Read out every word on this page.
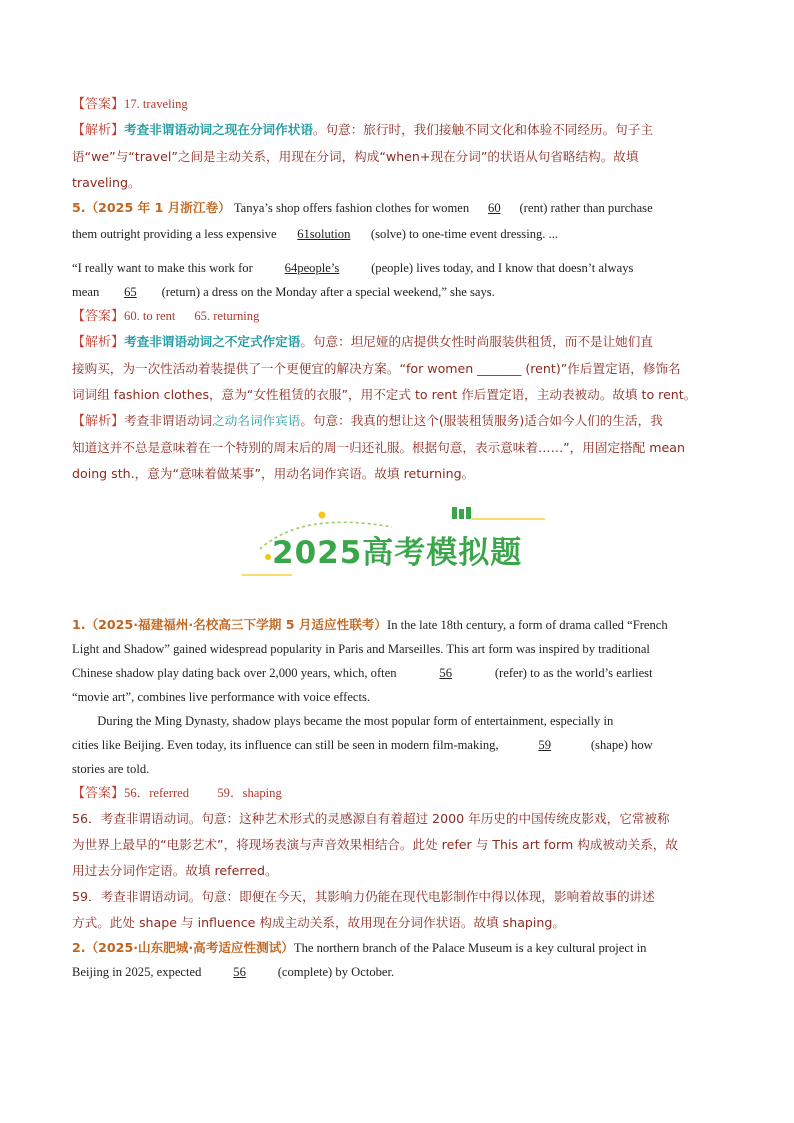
【答案】17. traveling
【解析】考查非谓语动词之现在分词作状语。句意：旅行时，我们接触不同文化和体验不同经历。句子主
语“we”与“travel”之间是主动关系，用现在分词，构成“when+现在分词”的状语从句省略结构。故填
traveling。
5.（2025 年 1 月浙江卷） Tanya’s shop offers fashion clothes for women 60 (rent) rather than purchase
them outright providing a less expensive 61solution (solve) to one-time event dressing. ...
“I really want to make this work for 64people’s (people) lives today, and I know that doesn’t always
mean 65 (return) a dress on the Monday after a special weekend,” she says.
【答案】60. to rent      65. returning
【解析】考查非谓语动词之不定式作定语。句意：坦尼娅的店提供女性时尚服装供租赁，而不是让她们直
接购买，为一次性活动着装提供了一个更便宜的解决方案。“for women _______ (rent)”作后置定语，修饰名
词词组 fashion clothes，意为“女性租赁的衣服”，用不定式 to rent 作后置定语，主动表被动。故填 to rent。
【解析】考查非谓语动词之动名词作宾语。句意：我真的想让这个(服装租赁服务)适合如今人们的生活，我
知道这并不总是意味着在一个特别的周末后的周一归还礼服。根据句意，表示意味着……”，用固定搭配 mean
doing sth.，意为“意味着做某事”，用动名词作宾语。故填 returning。
2025高考模拟题
1.（2025·福建福州·名校高三下学期 5 月适应性联考）In the late 18th century, a form of drama called “French
Light and Shadow” gained widespread popularity in Paris and Marseilles. This art form was inspired by traditional
Chinese shadow play dating back over 2,000 years, which, often	56	(refer) to as the world’s earliest
“movie art”, combines live performance with voice effects.
During the Ming Dynasty, shadow plays became the most popular form of entertainment, especially in
cities like Beijing. Even today, its influence can still be seen in modern film-making,	59	(shape) how
stories are told.
【答案】56．referred         59．shaping
56．考查非谓语动词。句意：这种艺术形式的灵感源自有着超过 2000 年历史的中国传统皮影戏，它常被称
为世界上最早的“电影艺术”，将现场表演与声音效果相结合。此处 refer 与 This art form 构成被动关系，故
用过去分词作定语。故填 referred。
59．考查非谓语动词。句意：即便在今天，其影响力仍能在现代电影制作中得以体现，影响着故事的讲述
方式。此处 shape 与 influence 构成主动关系，故用现在分词作状语。故填 shaping。
2.（2025·山东肥城·高考适应性测试）The northern branch of the Palace Museum is a key cultural project in
Beijing in 2025, expected 56 (complete) by October.
